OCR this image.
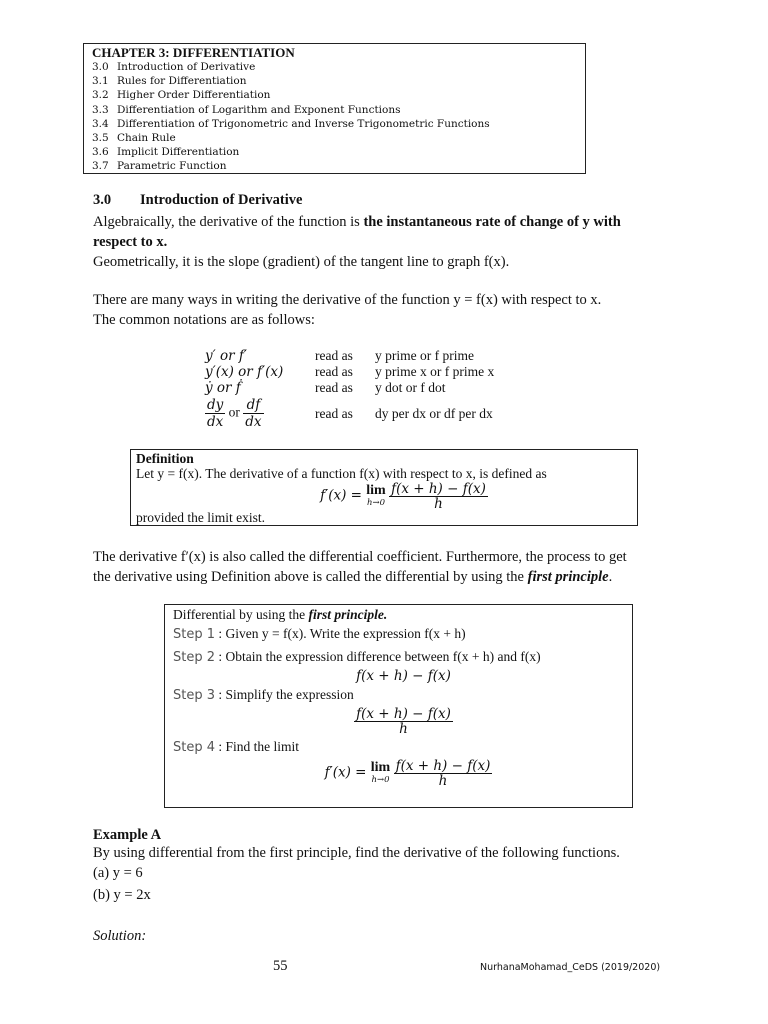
CHAPTER 3: DIFFERENTIATION
3.0 Introduction of Derivative
3.1 Rules for Differentiation
3.2 Higher Order Differentiation
3.3 Differentiation of Logarithm and Exponent Functions
3.4 Differentiation of Trigonometric and Inverse Trigonometric Functions
3.5 Chain Rule
3.6 Implicit Differentiation
3.7 Parametric Function
3.0 Introduction of Derivative
Algebraically, the derivative of the function is the instantaneous rate of change of y with
respect to x.
Geometrically, it is the slope (gradient) of the tangent line to graph f(x).
There are many ways in writing the derivative of the function y = f(x) with respect to x.
The common notations are as follows:
y′ or f′	read as y prime or f prime
y′(x) or f′(x) read as y prime x or f prime x
ẏ or ḟ	read as y dot or f dot
$\frac{dy}{dx}$ or $\frac{df}{dx}$	read as dy per dx or df per dx
Definition
Let y = f(x). The derivative of a function f(x) with respect to x, is defined as
f′(x) = lim
h→0
$\frac{f(x + h) - f(x)}{h}$
provided the limit exist.
The derivative f′(x) is also called the differential coefficient. Furthermore, the process to get
the derivative using Definition above is called the differential by using the first principle.
Differential by using the first principle.
Step 1 : Given y = f(x). Write the expression f(x + h)
Step 2 : Obtain the expression difference between f(x + h) and f(x)
f(x + h) − f(x)
Step 3 : Simplify the expression
$\frac{f(x + h) - f(x)}{h}$
Step 4 : Find the limit
f′(x) = lim
h→0
$\frac{f(x + h) - f(x)}{h}$
Example A
By using differential from the first principle, find the derivative of the following functions.
(a) y = 6
(b) y = 2x
Solution:
55	NurhanaMohamad_CeDS (2019/2020)
